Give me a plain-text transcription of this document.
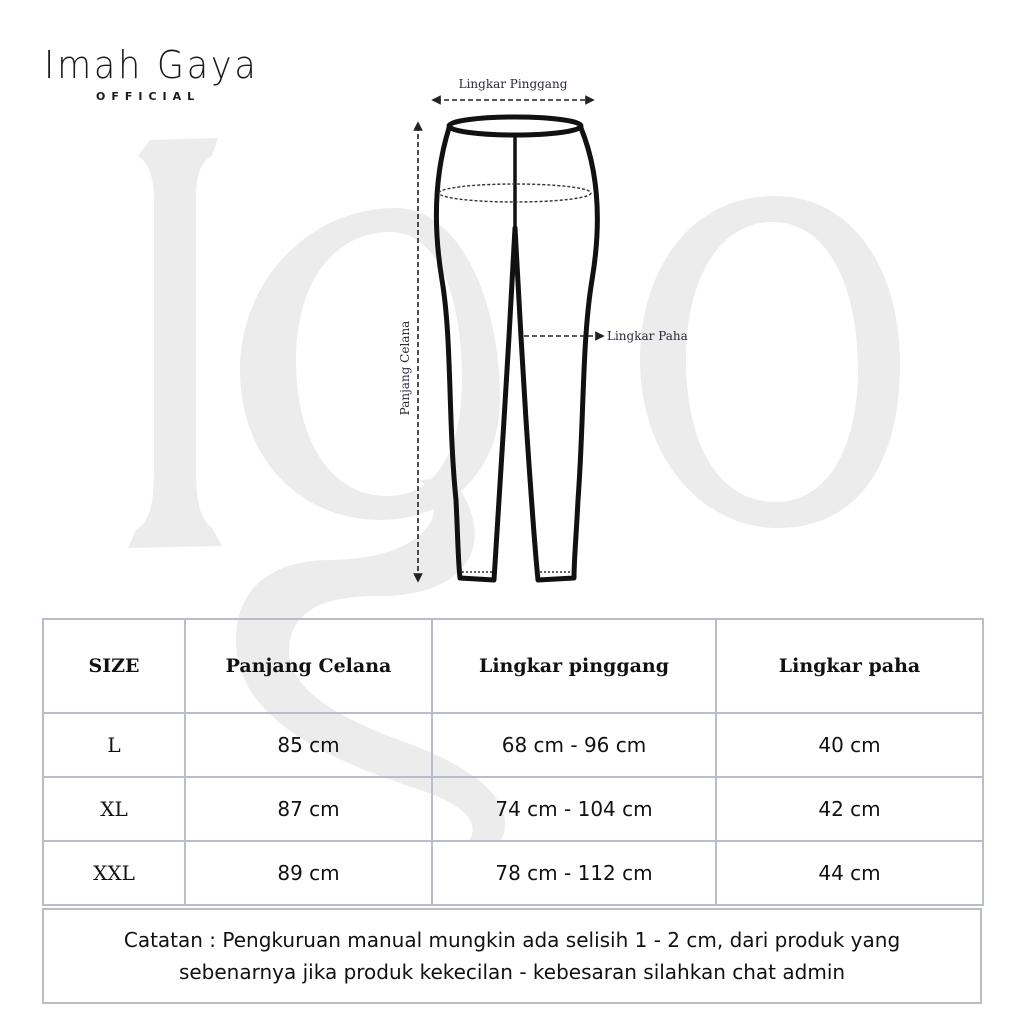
Imah Gaya
OFFICIAL
Lingkar Pinggang
Panjang Celana	Lingkar Paha
SIZE	Panjang Celana	Lingkar pinggang	Lingkar paha
L	85 cm	68 cm - 96 cm	40 cm
XL	87 cm	74 cm - 104 cm	42 cm
XXL	89 cm	78 cm - 112 cm	44 cm
Catatan : Pengkuruan manual mungkin ada selisih 1 - 2 cm, dari produk yang
sebenarnya jika produk kekecilan - kebesaran silahkan chat admin
